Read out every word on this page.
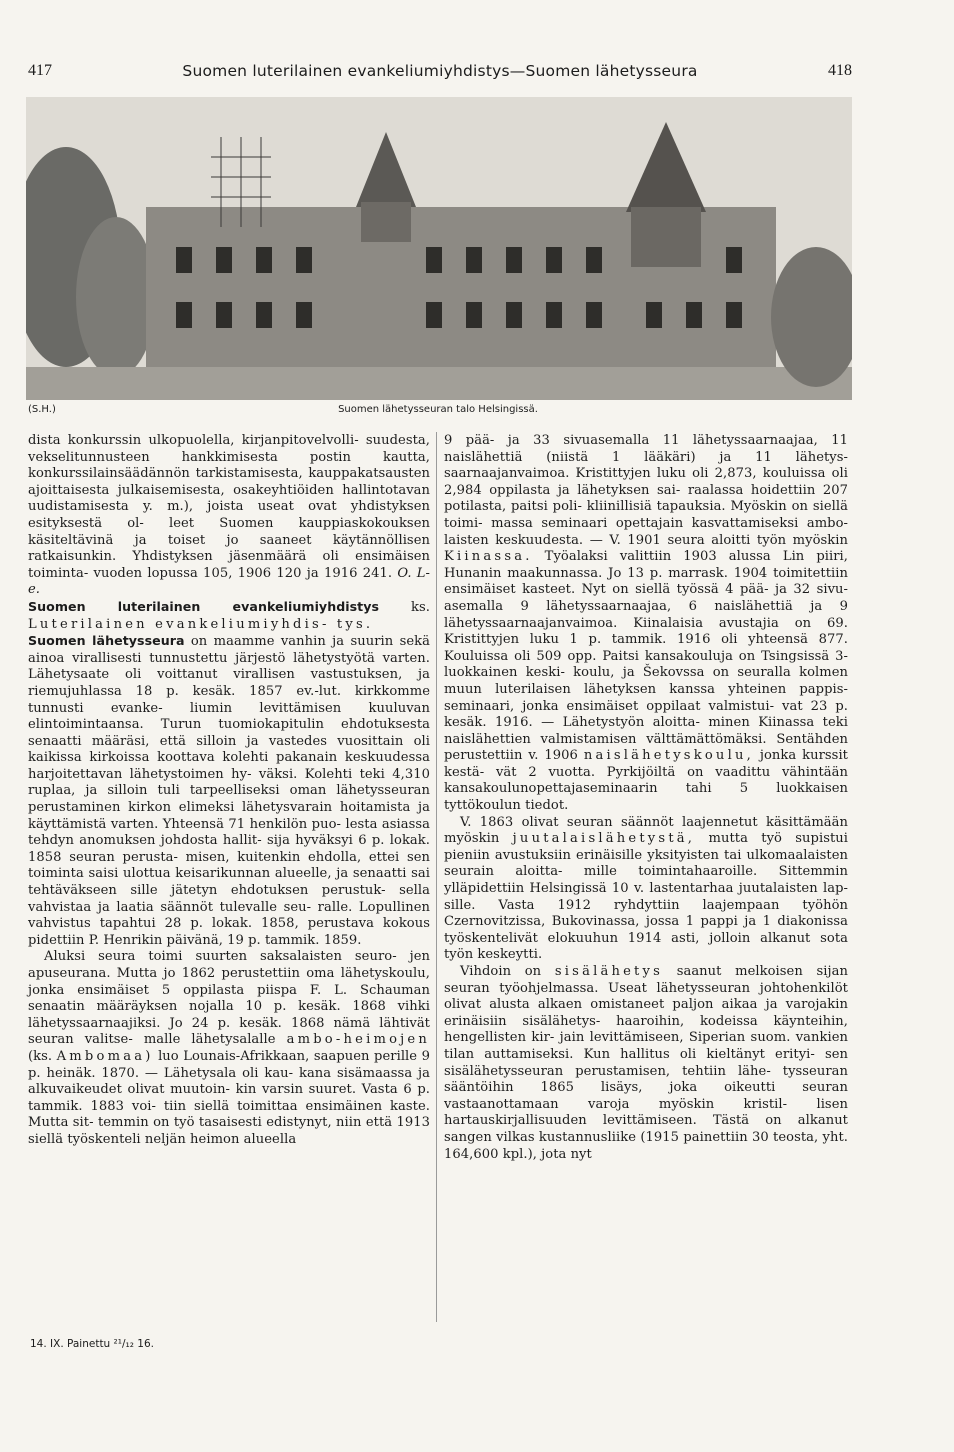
417	Suomen luterilainen evankeliumiyhdistys—Suomen lähetysseura	418
(S.H.)	Suomen lähetysseuran talo Helsingissä.

dista konkurssin ulkopuolella, kirjanpitovelvolli- suudesta, vekselitunnusteen hankkimisesta postin kautta, konkurssilainsäädännön tarkistamisesta, kauppakatsausten ajoittaisesta julkaisemisesta, osakeyhtiöiden hallintotavan uudistamisesta y. m.), joista useat ovat yhdistyksen esityksestä ol- leet Suomen kauppiaskokouksen käsiteltävinä ja toiset jo saaneet käytännöllisen ratkaisunkin. Yhdistyksen jäsenmäärä oli ensimäisen toiminta- vuoden lopussa 105, 1906 120 ja 1916 241. O. L-e.

Suomen luterilainen evankeliumiyhdistys ks. Luterilainen evankeliumiyhdis- tys.

Suomen lähetysseura on maamme vanhin ja suurin sekä ainoa virallisesti tunnustettu järjestö lähetystyötä varten. Lähetysaate oli voittanut virallisen vastustuksen, ja riemujuhlassa 18 p. kesäk. 1857 ev.-lut. kirkkomme tunnusti evanke- liumin levittämisen kuuluvan elintoimintaansa. Turun tuomiokapitulin ehdotuksesta senaatti määräsi, että silloin ja vastedes vuosittain oli kaikissa kirkoissa koottava kolehti pakanain keskuudessa harjoitettavan lähetystoimen hy- väksi. Kolehti teki 4,310 ruplaa, ja silloin tuli tarpeelliseksi oman lähetysseuran perustaminen kirkon elimeksi lähetysvarain hoitamista ja käyttämistä varten. Yhteensä 71 henkilön puo- lesta asiassa tehdyn anomuksen johdosta hallit- sija hyväksyi 6 p. lokak. 1858 seuran perusta- misen, kuitenkin ehdolla, ettei sen toiminta saisi ulottua keisarikunnan alueelle, ja senaatti sai tehtäväkseen sille jätetyn ehdotuksen perustuk- sella vahvistaa ja laatia säännöt tulevalle seu- ralle. Lopullinen vahvistus tapahtui 28 p. lokak. 1858, perustava kokous pidettiin P. Henrikin päivänä, 19 p. tammik. 1859.

Aluksi seura toimi suurten saksalaisten seuro- jen apuseurana. Mutta jo 1862 perustettiin oma lähetyskoulu, jonka ensimäiset 5 oppilasta piispa F. L. Schauman senaatin määräyksen nojalla 10 p. kesäk. 1868 vihki lähetyssaarnaajiksi. Jo 24 p. kesäk. 1868 nämä lähtivät seuran valitse- malle lähetysalalle ambo-heimojen (ks. Ambomaa) luo Lounais-Afrikkaan, saapuen perille 9 p. heinäk. 1870. — Lähetysala oli kau- kana sisämaassa ja alkuvaikeudet olivat muutoin- kin varsin suuret. Vasta 6 p. tammik. 1883 voi- tiin siellä toimittaa ensimäinen kaste. Mutta sit- temmin on työ tasaisesti edistynyt, niin että 1913 siellä työskenteli neljän heimon alueella

9 pää- ja 33 sivuasemalla 11 lähetyssaarnaajaa, 11 naislähettiä (niistä 1 lääkäri) ja 11 lähetys- saarnaajanvaimoa. Kristittyjen luku oli 2,873, kouluissa oli 2,984 oppilasta ja lähetyksen sai- raalassa hoidettiin 207 potilasta, paitsi poli- kliinillisiä tapauksia. Myöskin on siellä toimi- massa seminaari opettajain kasvattamiseksi ambo- laisten keskuudesta. — V. 1901 seura aloitti työn myöskin Kiinassa. Työalaksi valittiin 1903 alussa Lin piiri, Hunanin maakunnassa. Jo 13 p. marrask. 1904 toimitettiin ensimäiset kasteet. Nyt on siellä työssä 4 pää- ja 32 sivu- asemalla 9 lähetyssaarnaajaa, 6 naislähettiä ja 9 lähetyssaarnaajanvaimoa. Kiinalaisia avustajia on 69. Kristittyjen luku 1 p. tammik. 1916 oli yhteensä 877. Kouluissa oli 509 opp. Paitsi kansakouluja on Tsingsissä 3-luokkainen keski- koulu, ja Šekovssa on seuralla kolmen muun luterilaisen lähetyksen kanssa yhteinen pappis- seminaari, jonka ensimäiset oppilaat valmistui- vat 23 p. kesäk. 1916. — Lähetystyön aloitta- minen Kiinassa teki naislähettien valmistamisen välttämättömäksi. Sentähden perustettiin v. 1906 naislähetyskoulu, jonka kurssit kestä- vät 2 vuotta. Pyrkijöiltä on vaadittu vähintään kansakoulunopettajaseminaarin tahi 5 luokkaisen tyttökoulun tiedot.

V. 1863 olivat seuran säännöt laajennetut käsittämään myöskin juutalaislähetystä, mutta työ supistui pieniin avustuksiin erinäisille yksityisten tai ulkomaalaisten seurain aloitta- mille toimintahaaroille. Sittemmin ylläpidettiin Helsingissä 10 v. lastentarhaa juutalaisten lap- sille. Vasta 1912 ryhdyttiin laajempaan työhön Czernovitzissa, Bukovinassa, jossa 1 pappi ja 1 diakonissa työskentelivät elokuuhun 1914 asti, jolloin alkanut sota työn keskeytti.

Vihdoin on sisälähetys saanut melkoisen sijan seuran työohjelmassa. Useat lähetysseuran johtohenkilöt olivat alusta alkaen omistaneet paljon aikaa ja varojakin erinäisiin sisälähetys- haaroihin, kodeissa käynteihin, hengellisten kir- jain levittämiseen, Siperian suom. vankien tilan auttamiseksi. Kun hallitus oli kieltänyt erityi- sen sisälähetysseuran perustamisen, tehtiin lähe- tysseuran sääntöihin 1865 lisäys, joka oikeutti seuran vastaanottamaan varoja myöskin kristil- lisen hartauskirjallisuuden levittämiseen. Tästä on alkanut sangen vilkas kustannusliike (1915 painettiin 30 teosta, yht. 164,600 kpl.), jota nyt

14. IX. Painettu ²¹/₁₂ 16.
